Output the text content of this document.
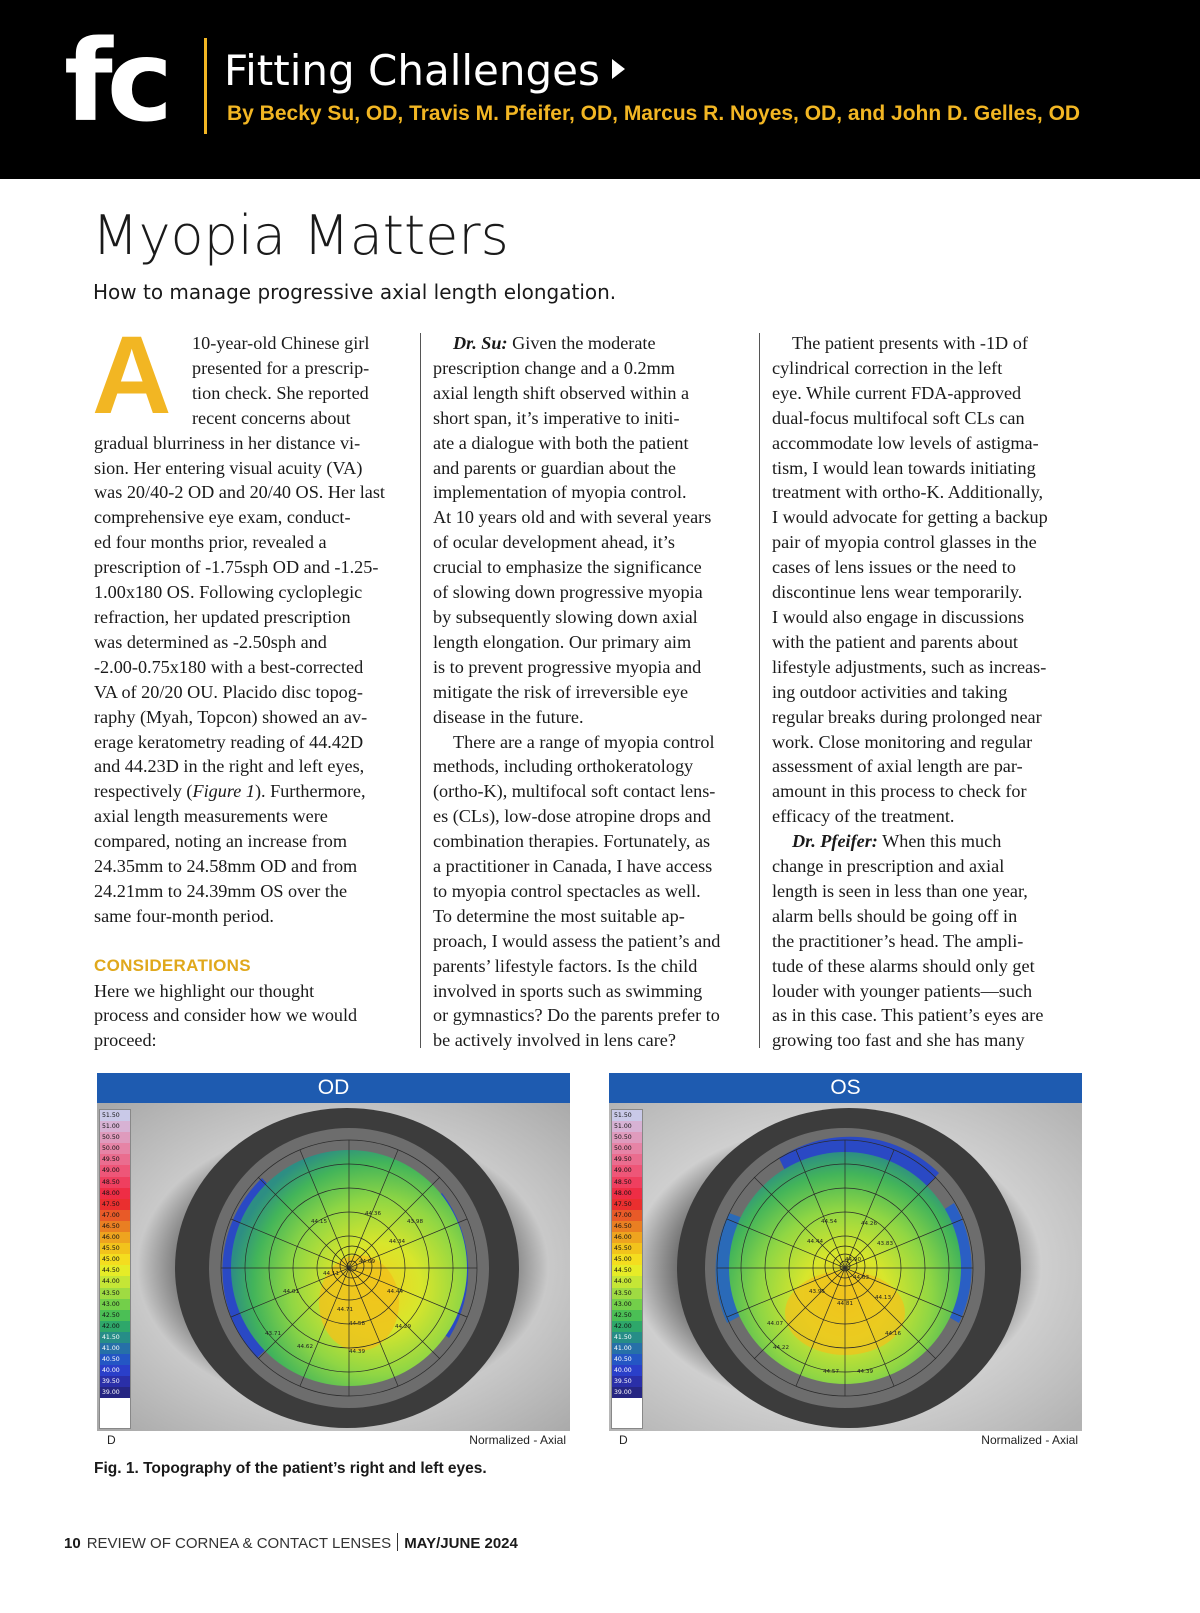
fc Fitting Challenges
By Becky Su, OD, Travis M. Pfeifer, OD, Marcus R. Noyes, OD, and John D. Gelles, OD
Myopia Matters
How to manage progressive axial length elongation.
A	10-year-old Chinese girl
presented for a prescrip-
tion check. She reported
recent concerns about

gradual blurriness in her distance vi-

sion. Her entering visual acuity (VA)

was 20/40-2 OD and 20/40 OS. Her last

comprehensive eye exam, conduct-

ed four months prior, revealed a

prescription of -1.75sph OD and -1.25-

1.00x180 OS. Following cycloplegic

refraction, her updated prescription

was determined as -2.50sph and

-2.00-0.75x180 with a best-corrected

VA of 20/20 OU. Placido disc topog-

raphy (Myah, Topcon) showed an av-

erage keratometry reading of 44.42D

and 44.23D in the right and left eyes,

respectively (Figure 1). Furthermore,

axial length measurements were

compared, noting an increase from

24.35mm to 24.58mm OD and from

24.21mm to 24.39mm OS over the

same four-month period.

CONSIDERATIONS

Here we highlight our thought

process and consider how we would

proceed:

Dr. Su: Given the moderate

prescription change and a 0.2mm

axial length shift observed within a

short span, it’s imperative to initi-

ate a dialogue with both the patient

and parents or guardian about the

implementation of myopia control.

At 10 years old and with several years

of ocular development ahead, it’s

crucial to emphasize the significance

of slowing down progressive myopia

by subsequently slowing down axial

length elongation. Our primary aim

is to prevent progressive myopia and

mitigate the risk of irreversible eye

disease in the future.

There are a range of myopia control

methods, including orthokeratology

(ortho-K), multifocal soft contact lens-

es (CLs), low-dose atropine drops and

combination therapies. Fortunately, as

a practitioner in Canada, I have access

to myopia control spectacles as well.

To determine the most suitable ap-

proach, I would assess the patient’s and

parents’ lifestyle factors. Is the child

involved in sports such as swimming

or gymnastics? Do the parents prefer to

be actively involved in lens care?

The patient presents with -1D of

cylindrical correction in the left

eye. While current FDA-approved

dual-focus multifocal soft CLs can

accommodate low levels of astigma-

tism, I would lean towards initiating

treatment with ortho-K. Additionally,

I would advocate for getting a backup

pair of myopia control glasses in the

cases of lens issues or the need to

discontinue lens wear temporarily.

I would also engage in discussions

with the patient and parents about

lifestyle adjustments, such as increas-

ing outdoor activities and taking

regular breaks during prolonged near

work. Close monitoring and regular

assessment of axial length are par-

amount in this process to check for

efficacy of the treatment.

Dr. Pfeifer: When this much

change in prescription and axial

length is seen in less than one year,

alarm bells should be going off in

the practitioner’s head. The ampli-

tude of these alarms should only get

louder with younger patients—such

as in this case. This patient’s eyes are

growing too fast and she has many

OD
44.11
44.69
44.71
44.62
44.36
44.58	44.29
44.39
43.98
44.34
44.44
44.15
44.01
43.71
51.50
51.00
50.50
50.00
49.50
49.00
48.50
48.00
47.50
47.00
46.50
46.00
45.50
45.00
44.50
44.00
43.50
43.00
42.50
42.00
41.50
41.00
40.50
40.00
39.50
39.00
D	Normalized - Axial
OS
44.90
44.63
44.54	44.26
44.13
44.44
44.81
44.39
44.07
43.95
44.16
44.57
43.83
44.22
51.50
51.00
50.50
50.00
49.50
49.00
48.50
48.00
47.50
47.00
46.50
46.00
45.50
45.00
44.50
44.00
43.50
43.00
42.50
42.00
41.50
41.00
40.50
40.00
39.50
39.00
D	Normalized - Axial
Fig. 1. Topography of the patient’s right and left eyes.
10 REVIEW OF CORNEA & CONTACT LENSES MAY/JUNE 2024
